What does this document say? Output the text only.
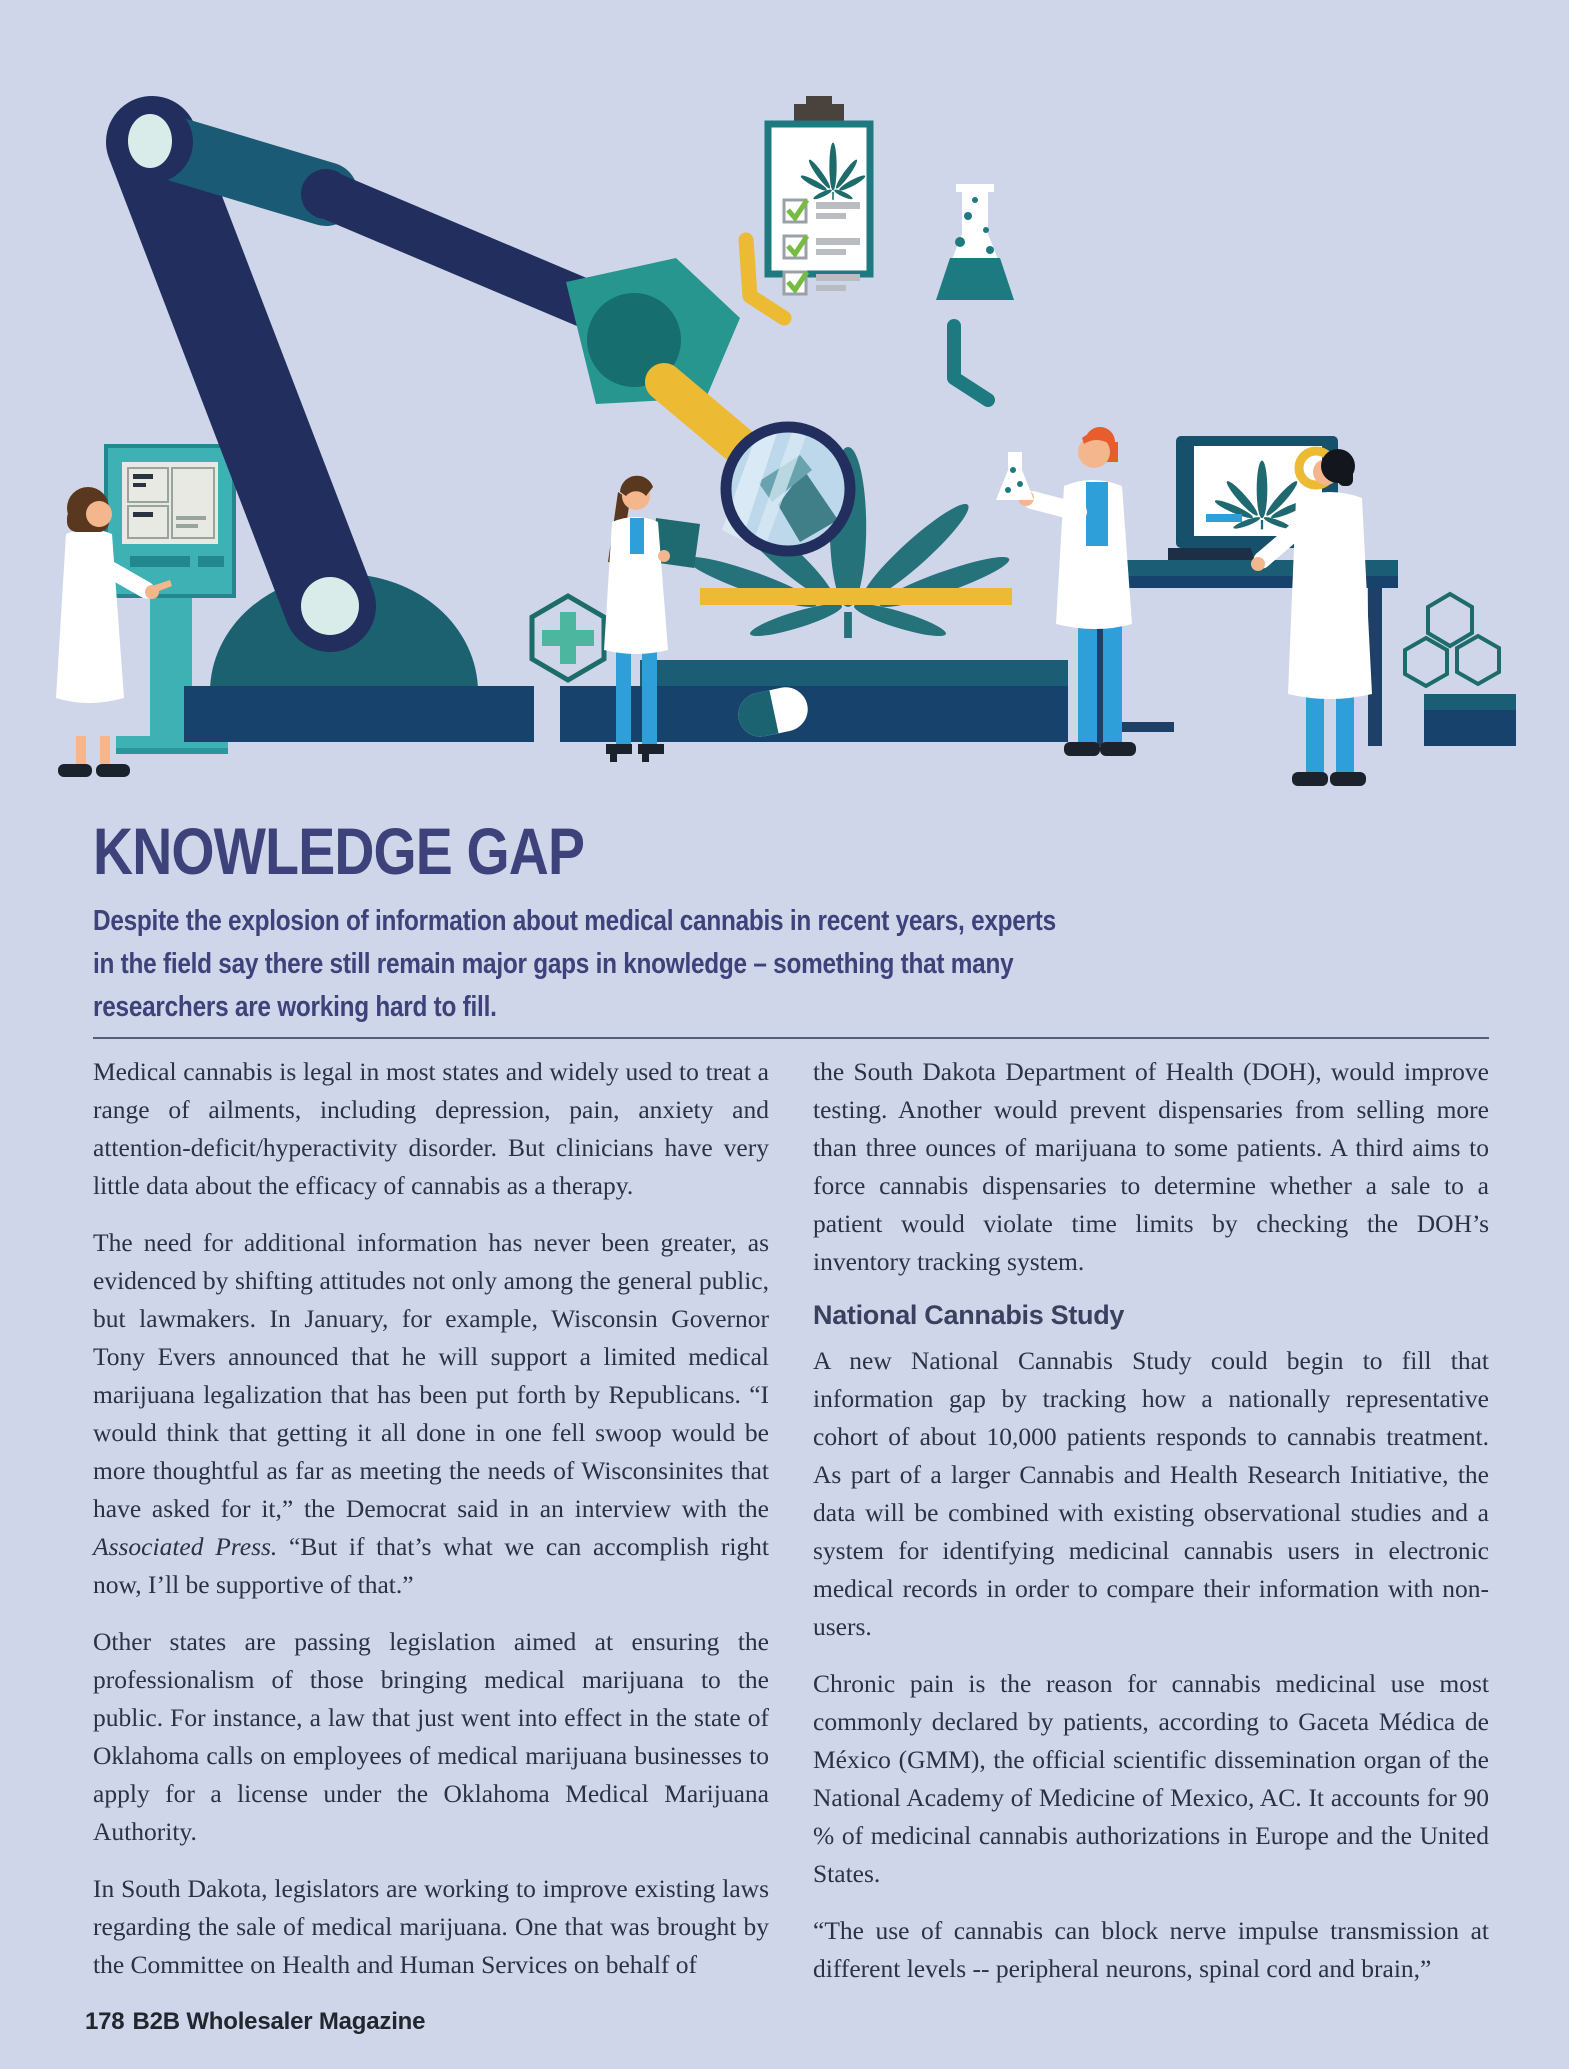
KNOWLEDGE GAP
Despite the explosion of information about medical cannabis in recent years, experts
in the field say there still remain major gaps in knowledge – something that many
researchers are working hard to fill.

Medical cannabis is legal in most states and widely used to treat a range of ailments, including depression, pain, anxiety and attention-deficit/hyperactivity disorder. But clinicians have very little data about the efficacy of cannabis as a therapy.

The need for additional information has never been greater, as evidenced by shifting attitudes not only among the general public, but lawmakers. In January, for example, Wisconsin Governor Tony Evers announced that he will support a limited medical marijuana legalization that has been put forth by Republicans. “I would think that getting it all done in one fell swoop would be more thoughtful as far as meeting the needs of Wisconsinites that have asked for it,” the Democrat said in an interview with the Associated Press. “But if that’s what we can accomplish right now, I’ll be supportive of that.”

Other states are passing legislation aimed at ensuring the professionalism of those bringing medical marijuana to the public. For instance, a law that just went into effect in the state of Oklahoma calls on employees of medical marijuana businesses to apply for a license under the Oklahoma Medical Marijuana Authority.

In South Dakota, legislators are working to improve existing laws regarding the sale of medical marijuana. One that was brought by the Committee on Health and Human Services on behalf of

the South Dakota Department of Health (DOH), would improve testing. Another would prevent dispensaries from selling more than three ounces of marijuana to some patients. A third aims to force cannabis dispensaries to determine whether a sale to a patient would violate time limits by checking the DOH’s inventory tracking system.

National Cannabis Study

A new National Cannabis Study could begin to fill that information gap by tracking how a nationally representative cohort of about 10,000 patients responds to cannabis treatment. As part of a larger Cannabis and Health Research Initiative, the data will be combined with existing observational studies and a system for identifying medicinal cannabis users in electronic medical records in order to compare their information with non-users.

Chronic pain is the reason for cannabis medicinal use most commonly declared by patients, according to Gaceta Médica de México (GMM), the official scientific dissemination organ of the National Academy of Medicine of Mexico, AC. It accounts for 90 % of medicinal cannabis authorizations in Europe and the United States.

“The use of cannabis can block nerve impulse transmission at different levels -- peripheral neurons, spinal cord and brain,”

178 B2B Wholesaler Magazine
